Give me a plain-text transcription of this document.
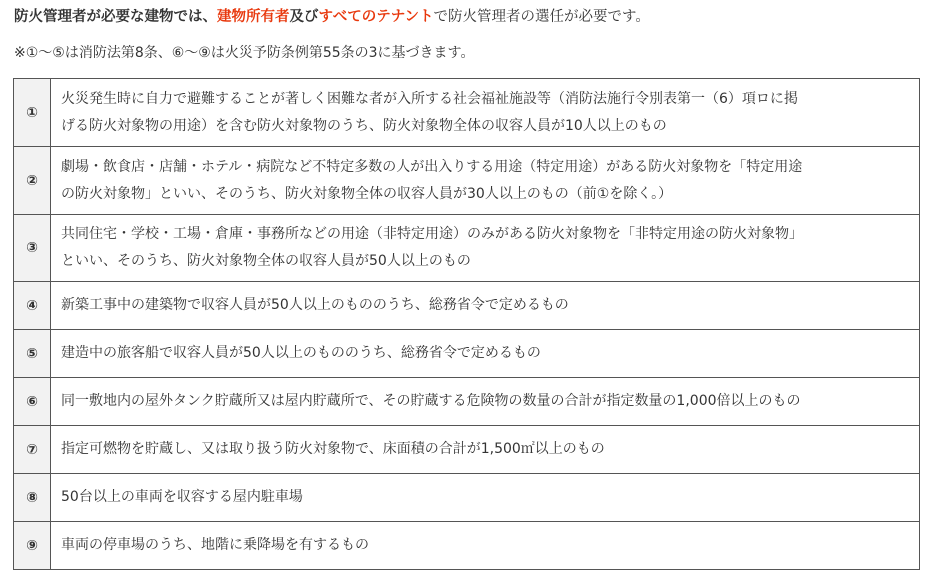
防火管理者が必要な建物では、建物所有者及びすべてのテナントで防火管理者の選任が必要です。

※①～⑤は消防法第8条、⑥～⑨は火災予防条例第55条の3に基づきます。

①	火災発生時に自力で避難することが著しく困難な者が入所する社会福祉施設等（消防法施行令別表第一（6）項ロに掲
げる防火対象物の用途）を含む防火対象物のうち、防火対象物全体の収容人員が10人以上のもの
②	劇場・飲食店・店舗・ホテル・病院など不特定多数の人が出入りする用途（特定用途）がある防火対象物を「特定用途
の防火対象物」といい、そのうち、防火対象物全体の収容人員が30人以上のもの（前①を除く。）
③	共同住宅・学校・工場・倉庫・事務所などの用途（非特定用途）のみがある防火対象物を「非特定用途の防火対象物」
といい、そのうち、防火対象物全体の収容人員が50人以上のもの
④	新築工事中の建築物で収容人員が50人以上のもののうち、総務省令で定めるもの
⑤	建造中の旅客船で収容人員が50人以上のもののうち、総務省令で定めるもの
⑥	同一敷地内の屋外タンク貯蔵所又は屋内貯蔵所で、その貯蔵する危険物の数量の合計が指定数量の1,000倍以上のもの
⑦	指定可燃物を貯蔵し、又は取り扱う防火対象物で、床面積の合計が1,500㎡以上のもの
⑧	50台以上の車両を収容する屋内駐車場
⑨	車両の停車場のうち、地階に乗降場を有するもの
